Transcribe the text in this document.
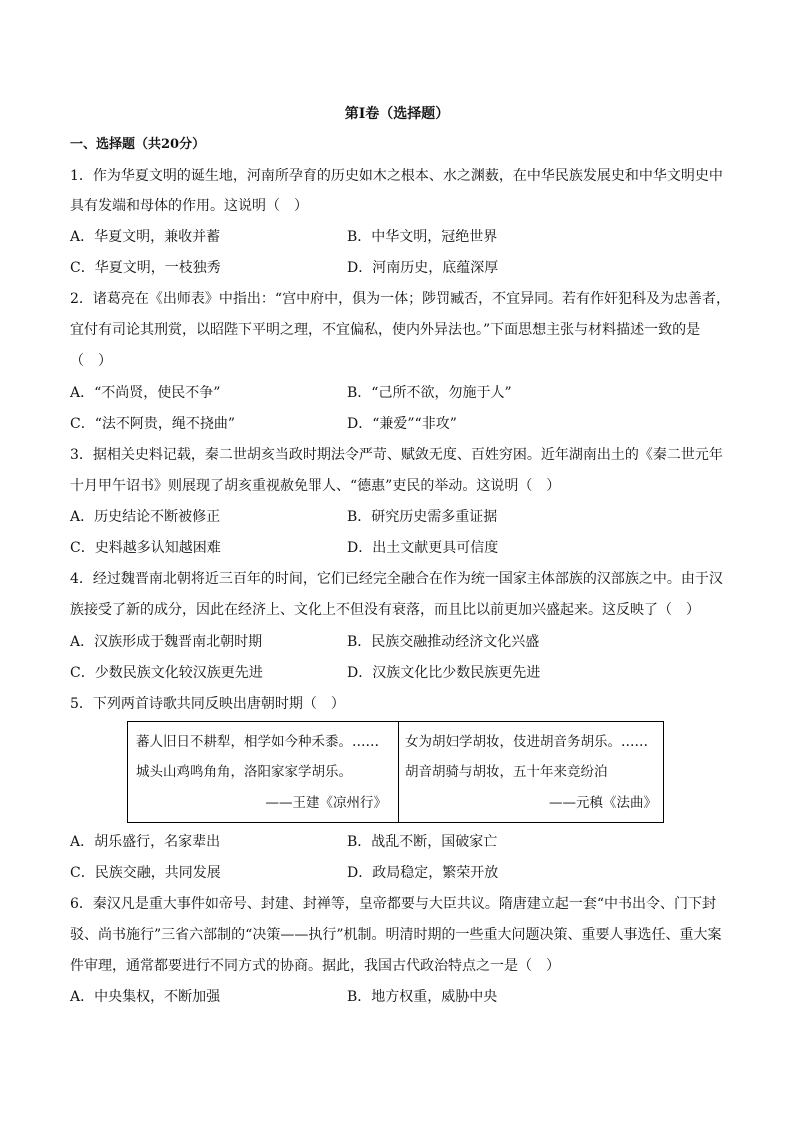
第Ⅰ卷（选择题）
一、选择题（共20分）
1．作为华夏文明的诞生地，河南所孕育的历史如木之根本、水之渊薮，在中华民族发展史和中华文明史中
具有发端和母体的作用。这说明（　）
A．华夏文明，兼收并蓄	B．中华文明，冠绝世界
C．华夏文明，一枝独秀	D．河南历史，底蕴深厚
2．诸葛亮在《出师表》中指出：“宫中府中，俱为一体；陟罚臧否，不宜异同。若有作奸犯科及为忠善者，
宜付有司论其刑赏，以昭陛下平明之理，不宜偏私，使内外异法也。”下面思想主张与材料描述一致的是
（　）
A．“不尚贤，使民不争”	B．“己所不欲，勿施于人”
C．“法不阿贵，绳不挠曲”	D．“兼爱”“非攻”
3．据相关史料记载，秦二世胡亥当政时期法令严苛、赋敛无度、百姓穷困。近年湖南出土的《秦二世元年
十月甲午诏书》则展现了胡亥重视赦免罪人、“德惠”吏民的举动。这说明（　）
A．历史结论不断被修正	B．研究历史需多重证据
C．史料越多认知越困难	D．出土文献更具可信度
4．经过魏晋南北朝将近三百年的时间，它们已经完全融合在作为统一国家主体部族的汉部族之中。由于汉
族接受了新的成分，因此在经济上、文化上不但没有衰落，而且比以前更加兴盛起来。这反映了（　）
A．汉族形成于魏晋南北朝时期	B．民族交融推动经济文化兴盛
C．少数民族文化较汉族更先进	D．汉族文化比少数民族更先进
5．下列两首诗歌共同反映出唐朝时期（　）
蕃人旧日不耕犁，相学如今种禾黍。……
城头山鸡鸣角角，洛阳家家学胡乐。
——王建《凉州行》
女为胡妇学胡妆，伎进胡音务胡乐。……
胡音胡骑与胡妆，五十年来竞纷泊
——元稹《法曲》
A．胡乐盛行，名家辈出	B．战乱不断，国破家亡
C．民族交融，共同发展	D．政局稳定，繁荣开放
6．秦汉凡是重大事件如帝号、封建、封禅等，皇帝都要与大臣共议。隋唐建立起一套“中书出令、门下封
驳、尚书施行”三省六部制的“决策——执行”机制。明清时期的一些重大问题决策、重要人事选任、重大案
件审理，通常都要进行不同方式的协商。据此，我国古代政治特点之一是（　）
A．中央集权，不断加强	B．地方权重，威胁中央
